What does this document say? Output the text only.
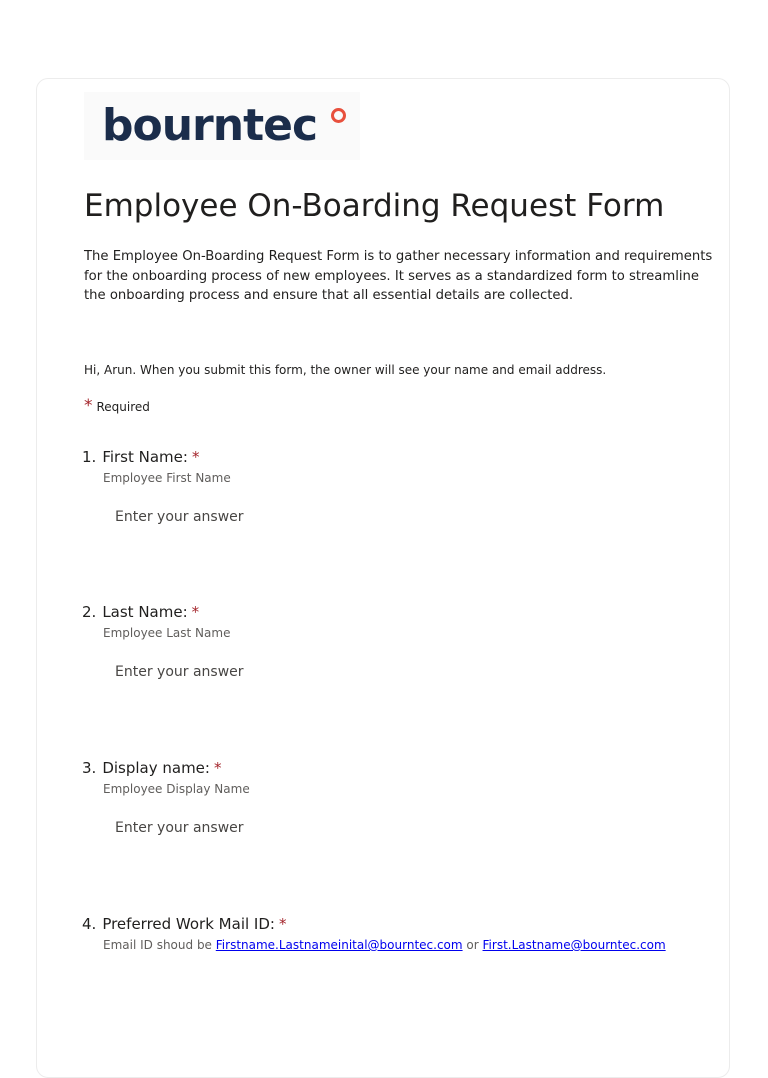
bourntec
Employee On-Boarding Request Form
The Employee On-Boarding Request Form is to gather necessary information and requirements for the onboarding process of new employees. It serves as a standardized form to streamline the onboarding process and ensure that all essential details are collected.
Hi, Arun. When you submit this form, the owner will see your name and email address.
* Required
1. First Name: *
Employee First Name
Enter your answer
2. Last Name: *
Employee Last Name
Enter your answer
3. Display name: *
Employee Display Name
Enter your answer
4. Preferred Work Mail ID: *
Email ID shoud be Firstname.Lastnameinital@bourntec.com or First.Lastname@bourntec.com
